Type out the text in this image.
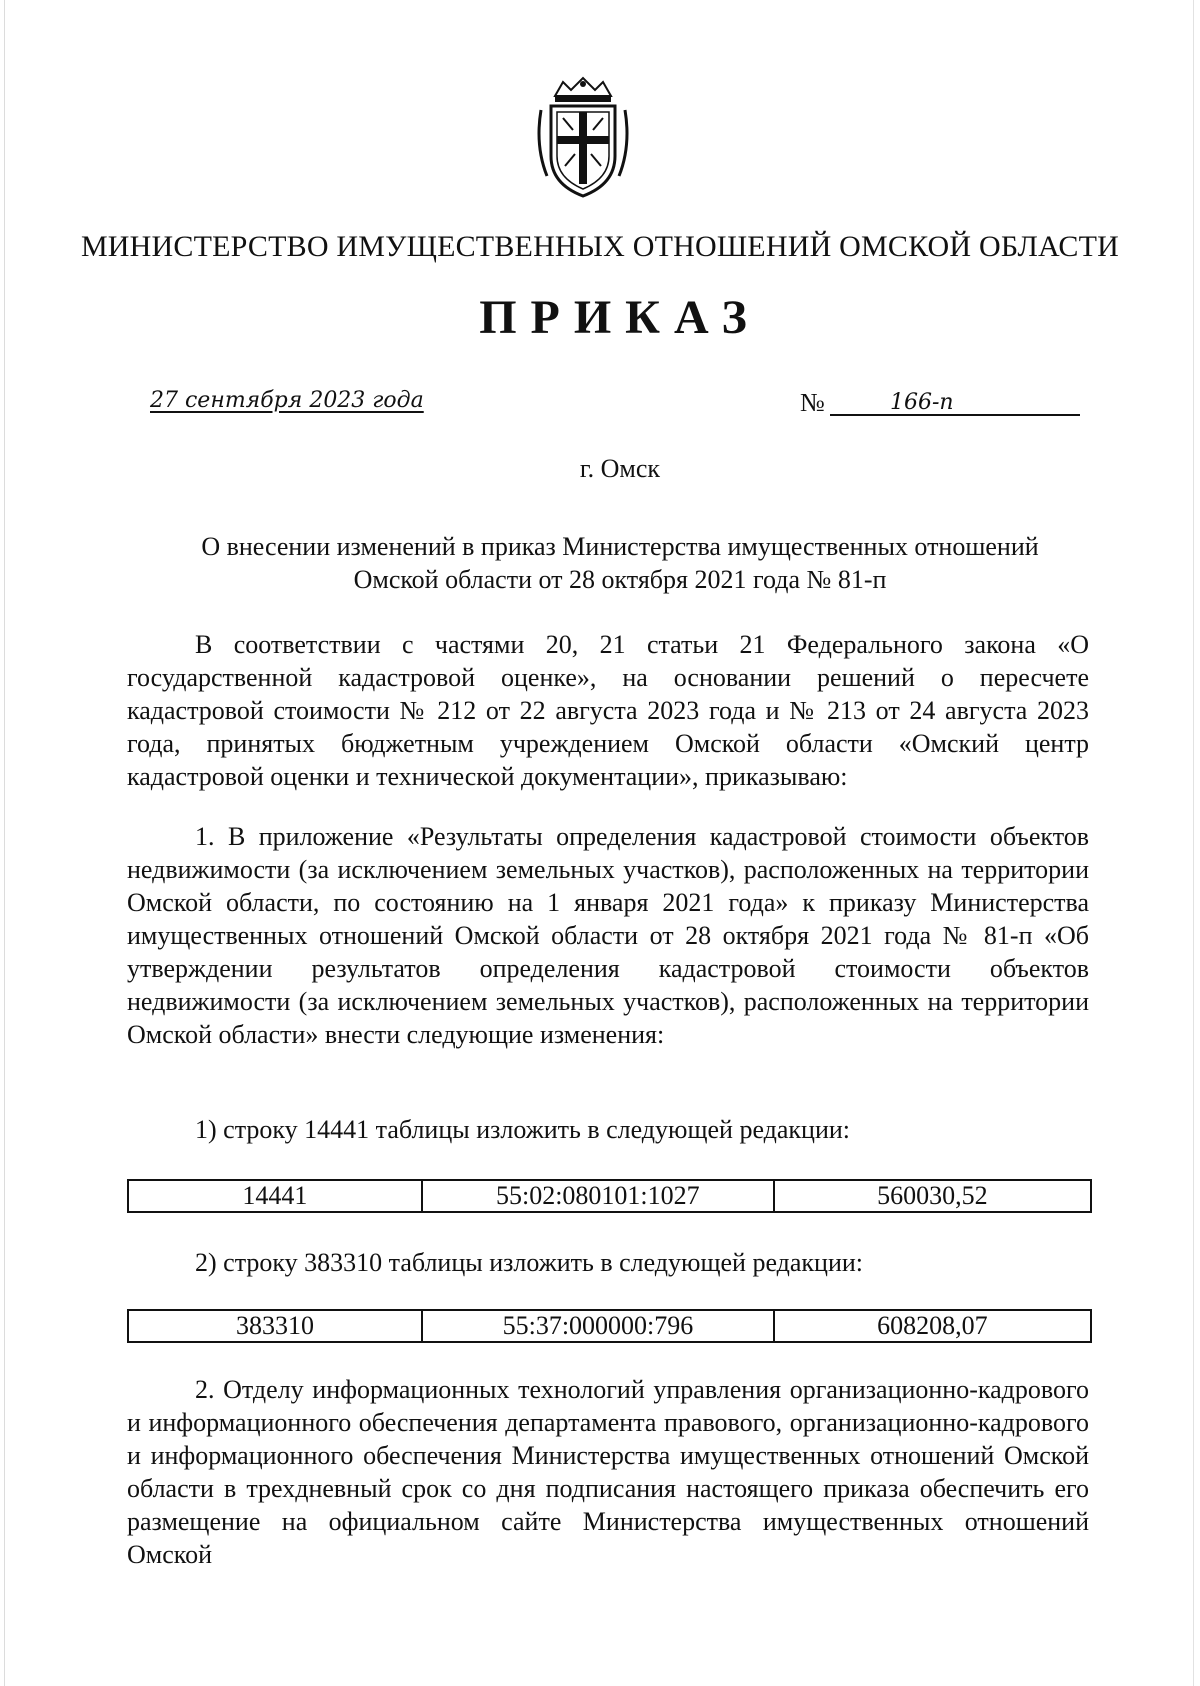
МИНИСТЕРСТВО ИМУЩЕСТВЕННЫХ ОТНОШЕНИЙ ОМСКОЙ ОБЛАСТИ
ПРИКАЗ
27 сентября 2023 года	№	166-п
г. Омск
О внесении изменений в приказ Министерства имущественных отношений
Омской области от 28 октября 2021 года № 81-п

В соответствии с частями 20, 21 статьи 21 Федерального закона «О государственной кадастровой оценке», на основании решений о пересчете кадастровой стоимости № 212 от 22 августа 2023 года и № 213 от 24 августа 2023 года, принятых бюджетным учреждением Омской области «Омский центр кадастровой оценки и технической документации», приказываю:

1. В приложение «Результаты определения кадастровой стоимости объектов недвижимости (за исключением земельных участков), расположенных на территории Омской области, по состоянию на 1 января 2021 года» к приказу Министерства имущественных отношений Омской области от 28 октября 2021 года № 81-п «Об утверждении результатов определения кадастровой стоимости объектов недвижимости (за исключением земельных участков), расположенных на территории Омской области» внести следующие изменения:

1) строку 14441 таблицы изложить в следующей редакции:
14441	55:02:080101:1027	560030,52
2) строку 383310 таблицы изложить в следующей редакции:
383310	55:37:000000:796	608208,07

2. Отделу информационных технологий управления организационно-кадрового и информационного обеспечения департамента правового, организационно-кадрового и информационного обеспечения Министерства имущественных отношений Омской области в трехдневный срок со дня подписания настоящего приказа обеспечить его размещение на официальном сайте Министерства имущественных отношений Омской
